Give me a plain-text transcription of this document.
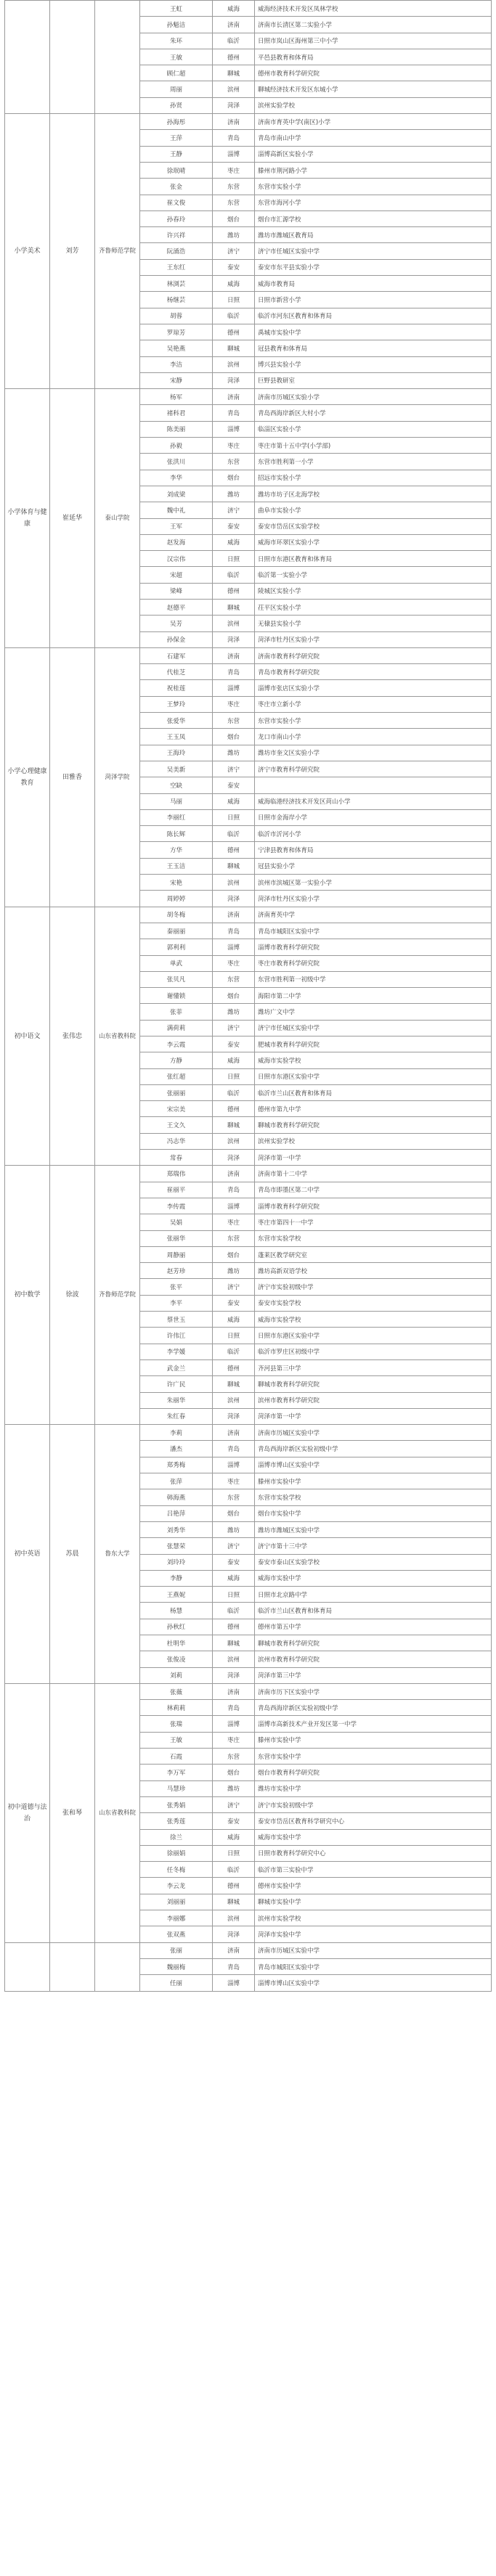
			王虹	威海	威海经济技术开发区凤林学校
			孙魁洁	济南	济南市长清区第二实验小学
			朱环	临沂	日照市岚山区海州第三中小学
			王敏	德州	平邑县教育和体育局
			顾仁超	聊城	德州市教育科学研究院
			周丽	滨州	聊城经济技术开发区东城小学
			孙贤	菏泽	滨州实验学校
小学美术	刘芳	齐鲁师范学院	孙海彤	济南	济南市育英中学(南区)小学
			王萍	青岛	青岛市南山中学
			王静	淄博	淄博高新区实验小学
			徐珉晴	枣庄	滕州市荆河路小学
			张金	东营	东营市实验小学
			崔文俊	东营	东营市海河小学
			孙春玲	烟台	烟台市汇源学校
			许兴祥	潍坊	潍坊市潍城区教育局
			阮涌浩	济宁	济宁市任城区实验中学
			王东红	泰安	泰安市东平县实验小学
			林浏芸	威海	威海市教育局
			杨继芸	日照	日照市新营小学
			胡蓉	临沂	临沂市河东区教育和体育局
			罗琼芳	德州	禹城市实验中学
			吴艳燕	聊城	冠县教育和体育局
			李洁	滨州	博兴县实验小学
			宋静	菏泽	巨野县教研室
小学体育与健康	崔延华	泰山学院	杨军	济南	济南市历城区实验小学
			褚科君	青岛	青岛西海岸新区大村小学
			陈美丽	淄博	临淄区实验小学
			孙毅	枣庄	枣庄市第十五中学(小学部)
			张洪川	东营	东营市胜利第一小学
			李华	烟台	招远市实验小学
			刘成梁	潍坊	潍坊市坊子区北海学校
			魏中礼	济宁	曲阜市实验小学
			王军	泰安	泰安市岱岳区实验学校
			赵发海	威海	威海市环翠区实验小学
			汉宗伟	日照	日照市东港区教育和体育局
			宋超	临沂	临沂第一实验小学
			梁峰	德州	陵城区实验小学
			赵德平	聊城	茌平区实验小学
			吴芳	滨州	无棣县实验小学
			孙保金	菏泽	菏泽市牡丹区实验小学
小学心理健康教育	田雅香	菏泽学院	石建军	济南	济南市教育科学研究院
			代桂芝	青岛	青岛市教育科学研究院
			祝桂莲	淄博	淄博市张店区实验小学
			王梦玲	枣庄	枣庄市立新小学
			张爱华	东营	东营市实验小学
			王玉凤	烟台	龙口市南山小学
			王海玲	潍坊	潍坊市奎文区实验小学
			吴美新	济宁	济宁市教育科学研究院
			空缺	泰安	
			马丽	威海	威海临港经济技术开发区苘山小学
			李丽红	日照	日照市金海岸小学
			陈长辉	临沂	临沂市沂河小学
			方华	德州	宁津县教育和体育局
			王玉洁	聊城	冠县实验小学
			宋艳	滨州	滨州市滨城区第一实验小学
			周婷婷	菏泽	菏泽市牡丹区实验小学
初中语文	张伟忠	山东省教科院	胡冬梅	济南	济南育英中学
			秦丽丽	青岛	青岛市城阳区实验中学
			郭利利	淄博	淄博市教育科学研究院
			单武	枣庄	枣庄市教育科学研究院
			张贝凡	东营	东营市胜利第一初级中学
			谢懂锁	烟台	海阳市第二中学
			张菲	潍坊	潍坊广文中学
			满荷莉	济宁	济宁市任城区实验中学
			李云霞	泰安	肥城市教育科学研究院
			方静	威海	威海市实验学校
			张红超	日照	日照市东港区实验中学
			张丽丽	临沂	临沂市兰山区教育和体育局
			宋宗美	德州	德州市第九中学
			王文久	聊城	聊城市教育科学研究院
			冯志华	滨州	滨州实验学校
			常春	菏泽	菏泽市第一中学
初中数学	徐波	齐鲁师范学院	郑瑞伟	济南	济南市第十二中学
			崔丽平	青岛	青岛市即墨区第二中学
			李传霞	淄博	淄博市教育科学研究院
			吴娟	枣庄	枣庄市第四十一中学
			张丽华	东营	东营市实验学校
			周静丽	烟台	蓬莱区教学研究室
			赵芳珍	潍坊	潍坊高新双语学校
			张平	济宁	济宁市实验初级中学
			李平	泰安	泰安市实验学校
			蔡世玉	威海	威海市实验学校
			许伟江	日照	日照市东港区实验中学
			李学媛	临沂	临沂市罗庄区初级中学
			武金兰	德州	齐河县第三中学
			许广民	聊城	聊城市教育科学研究院
			朱丽华	滨州	滨州市教育科学研究院
			朱红春	菏泽	菏泽市第一中学
初中英语	苏晨	鲁东大学	李莉	济南	济南市历城区实验中学
			潘杰	青岛	青岛西海岸新区实验初级中学
			郑秀梅	淄博	淄博市博山区实验中学
			张萍	枣庄	滕州市实验中学
			韩海燕	东营	东营市实验学校
			吕艳萍	烟台	烟台市实验中学
			刘秀华	潍坊	潍坊市潍城区实验中学
			张慧荣	济宁	济宁市第十三中学
			刘玲玲	泰安	泰安市泰山区实验学校
			李静	威海	威海市实验中学
			王燕妮	日照	日照市北京路中学
			杨慧	临沂	临沂市兰山区教育和体育局
			孙秋红	德州	德州市第五中学
			杜明华	聊城	聊城市教育科学研究院
			张俊凌	滨州	滨州市教育科学研究院
			刘莉	菏泽	菏泽市第三中学
初中道德与法治	张和琴	山东省教科院	张薇	济南	济南市历下区实验中学
			林莉莉	青岛	青岛西海岸新区实验初级中学
			张瑞	淄博	淄博市高新技术产业开发区第一中学
			王敏	枣庄	滕州市实验中学
			石霞	东营	东营市实验中学
			李万军	烟台	烟台市教育科学研究院
			马慧珍	潍坊	潍坊市实验中学
			张秀娟	济宁	济宁市实验初级中学
			张秀莲	泰安	泰安市岱岳区教育科学研究中心
			徐兰	威海	威海市实验中学
			徐丽娟	日照	日照市教育科学研究中心
			任冬梅	临沂	临沂市第三实验中学
			李云龙	德州	德州市实验中学
			刘丽丽	聊城	聊城市实验中学
			李丽娜	滨州	滨州市实验学校
			张双燕	菏泽	菏泽市实验中学
			张丽	济南	济南市历城区实验中学
			魏丽梅	青岛	青岛市城阳区实验中学
			任丽	淄博	淄博市博山区实验中学
